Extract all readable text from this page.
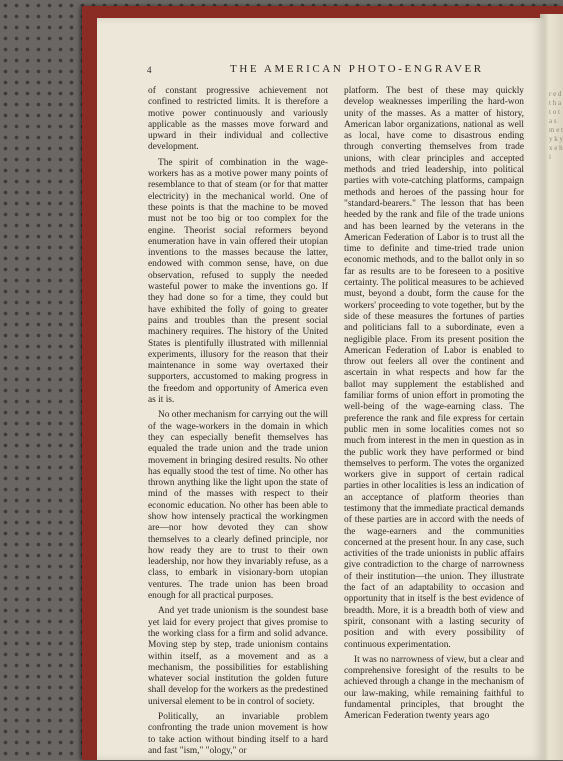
r e d t h a t o t a s m e t y k y x e h i
4	THE AMERICAN PHOTO-ENGRAVER

of constant progressive achievement not confined to restricted limits. It is therefore a motive power continuously and variously applicable as the masses move forward and upward in their individual and collective development.

The spirit of combination in the wage-workers has as a motive power many points of resemblance to that of steam (or for that matter electricity) in the mechanical world. One of these points is that the machine to be moved must not be too big or too complex for the engine. Theorist social reformers beyond enumeration have in vain offered their utopian inventions to the masses because the latter, endowed with common sense, have, on due observation, refused to supply the needed wasteful power to make the inventions go. If they had done so for a time, they could but have exhibited the folly of going to greater pains and troubles than the present social machinery requires. The history of the United States is plentifully illustrated with millennial experiments, illusory for the reason that their maintenance in some way overtaxed their supporters, accustomed to making progress in the freedom and opportunity of America even as it is.

No other mechanism for carrying out the will of the wage-workers in the domain in which they can especially benefit themselves has equaled the trade union and the trade union movement in bringing desired results. No other has equally stood the test of time. No other has thrown anything like the light upon the state of mind of the masses with respect to their economic education. No other has been able to show how intensely practical the workingmen are—nor how devoted they can show themselves to a clearly defined principle, nor how ready they are to trust to their own leadership, nor how they invariably refuse, as a class, to embark in visionary-born utopian ventures. The trade union has been broad enough for all practical purposes.

And yet trade unionism is the soundest base yet laid for every project that gives promise to the working class for a firm and solid advance. Moving step by step, trade unionism contains within itself, as a movement and as a mechanism, the possibilities for establishing whatever social institution the golden future shall develop for the workers as the predestined universal element to be in control of society.

Politically, an invariable problem confronting the trade union movement is how to take action without binding itself to a hard and fast "ism," "ology," or

platform. The best of these may quickly develop weaknesses imperiling the hard-won unity of the masses. As a matter of history, American labor organizations, national as well as local, have come to disastrous ending through converting themselves from trade unions, with clear principles and accepted methods and tried leadership, into political parties with vote-catching platforms, campaign methods and heroes of the passing hour for "standard-bearers." The lesson that has been heeded by the rank and file of the trade unions and has been learned by the veterans in the American Federation of Labor is to trust all the time to definite and time-tried trade union economic methods, and to the ballot only in so far as results are to be foreseen to a positive certainty. The political measures to be achieved must, beyond a doubt, form the cause for the workers' proceeding to vote together, but by the side of these measures the fortunes of parties and politicians fall to a subordinate, even a negligible place. From its present position the American Federation of Labor is enabled to throw out feelers all over the continent and ascertain in what respects and how far the ballot may supplement the established and familiar forms of union effort in promoting the well-being of the wage-earning class. The preference the rank and file express for certain public men in some localities comes not so much from interest in the men in question as in the public work they have performed or bind themselves to perform. The votes the organized workers give in support of certain radical parties in other localities is less an indication of an acceptance of platform theories than testimony that the immediate practical demands of these parties are in accord with the needs of the wage-earners and the communities concerned at the present hour. In any case, such activities of the trade unionists in public affairs give contradiction to the charge of narrowness of their institution—the union. They illustrate the fact of an adaptability to occasion and opportunity that in itself is the best evidence of breadth. More, it is a breadth both of view and spirit, consonant with a lasting security of position and with every possibility of continuous experimentation.

It was no narrowness of view, but a clear and comprehensive foresight of the results to be achieved through a change in the mechanism of our law-making, while remaining faithful to fundamental principles, that brought the American Federation twenty years ago
